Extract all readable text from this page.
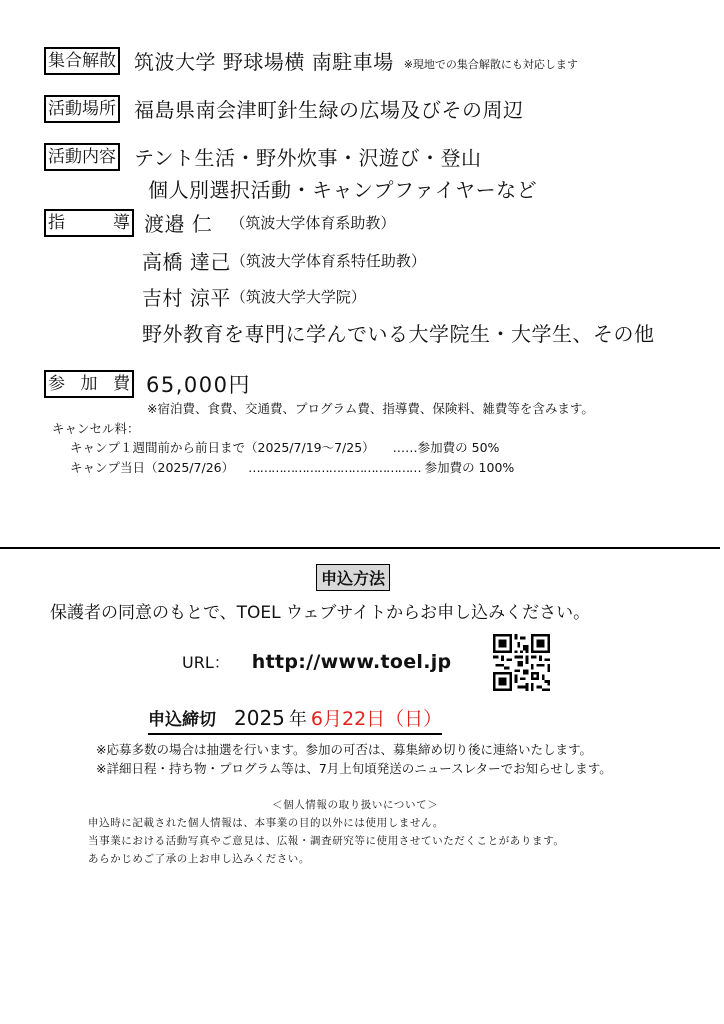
集合解散 筑波大学 野球場横 南駐車場 ※現地での集合解散にも対応します
活動場所 福島県南会津町針生緑の広場及びその周辺
活動内容 テント生活・野外炊事・沢遊び・登山
個人別選択活動・キャンプファイヤーなど
指	導 渡邉 仁 （筑波大学体育系助教）
高橋 達己 （筑波大学体育系特任助教）
吉村 涼平 （筑波大学大学院）
野外教育を専門に学んでいる大学院生・大学生、その他
参 加 費 65,000円
※宿泊費、食費、交通費、プログラム費、指導費、保険料、雑費等を含みます。
キャンセル料：
キャンプ１週間前から前日まで（2025/7/19〜7/25） ……参加費の 50%
キャンプ当日（2025/7/26） ……………………………………… 参加費の 100%
申込方法
保護者の同意のもとで、TOEL ウェブサイトからお申し込みください。
URL： http://www.toel.jp
申込締切 2025 年 6月22日（日）
※応募多数の場合は抽選を行います。参加の可否は、募集締め切り後に連絡いたします。
※詳細日程・持ち物・プログラム等は、7月上旬頃発送のニュースレターでお知らせします。
＜個人情報の取り扱いについて＞
申込時に記載された個人情報は、本事業の目的以外には使用しません。
当事業における活動写真やご意見は、広報・調査研究等に使用させていただくことがあります。
あらかじめご了承の上お申し込みください。
